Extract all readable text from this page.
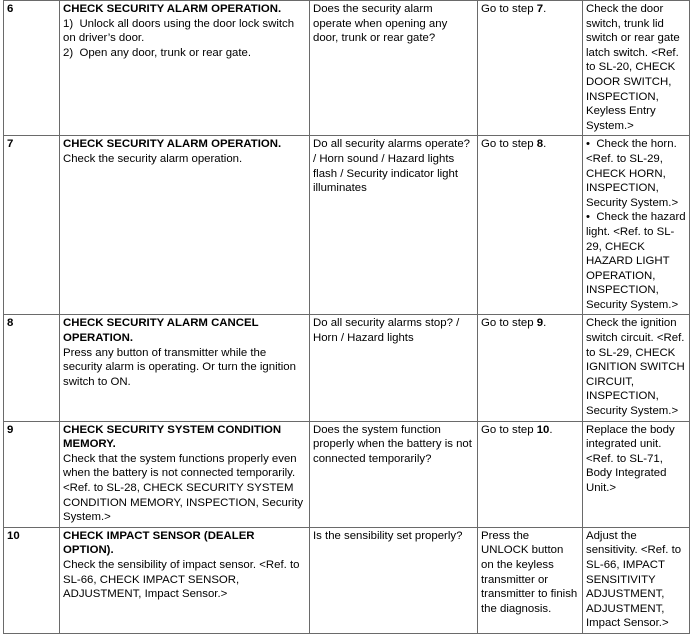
6	CHECK SECURITY ALARM OPERATION.
1)  Unlock all doors using the door lock switch on driver’s door.
2)  Open any door, trunk or rear gate.	Does the security alarm operate when opening any door, trunk or rear gate?	Go to step 7.	Check the door switch, trunk lid switch or rear gate latch switch. <Ref. to SL-20, CHECK DOOR SWITCH, INSPECTION, Keyless Entry System.>
7	CHECK SECURITY ALARM OPERATION.
Check the security alarm operation.	Do all security alarms operate? / Horn sound / Hazard lights flash / Security indicator light illuminates	Go to step 8.	•  Check the horn. <Ref. to SL-29, CHECK HORN, INSPECTION, Security System.>
•  Check the hazard light. <Ref. to SL-29, CHECK HAZARD LIGHT OPERATION, INSPECTION, Security System.>

8	CHECK SECURITY ALARM CANCEL OPERATION.
Press any button of transmitter while the security alarm is operating. Or turn the ignition switch to ON.	Do all security alarms stop? / Horn / Hazard lights	Go to step 9.	Check the ignition switch circuit. <Ref. to SL-29, CHECK IGNITION SWITCH CIRCUIT, INSPECTION, Security System.>
9	CHECK SECURITY SYSTEM CONDITION MEMORY.
Check that the system functions properly even when the battery is not connected temporarily. <Ref. to SL-28, CHECK SECURITY SYSTEM CONDITION MEMORY, INSPECTION, Security System.>	Does the system function properly when the battery is not connected temporarily?	Go to step 10.	Replace the body integrated unit. <Ref. to SL-71, Body Integrated Unit.>
10	CHECK IMPACT SENSOR (DEALER OPTION).
Check the sensibility of impact sensor. <Ref. to SL-66, CHECK IMPACT SENSOR, ADJUSTMENT, Impact Sensor.>	Is the sensibility set properly?	Press the UNLOCK button on the keyless transmitter or transmitter to finish the diagnosis.	Adjust the sensitivity. <Ref. to SL-66, IMPACT SENSITIVITY ADJUSTMENT, ADJUSTMENT, Impact Sensor.>
